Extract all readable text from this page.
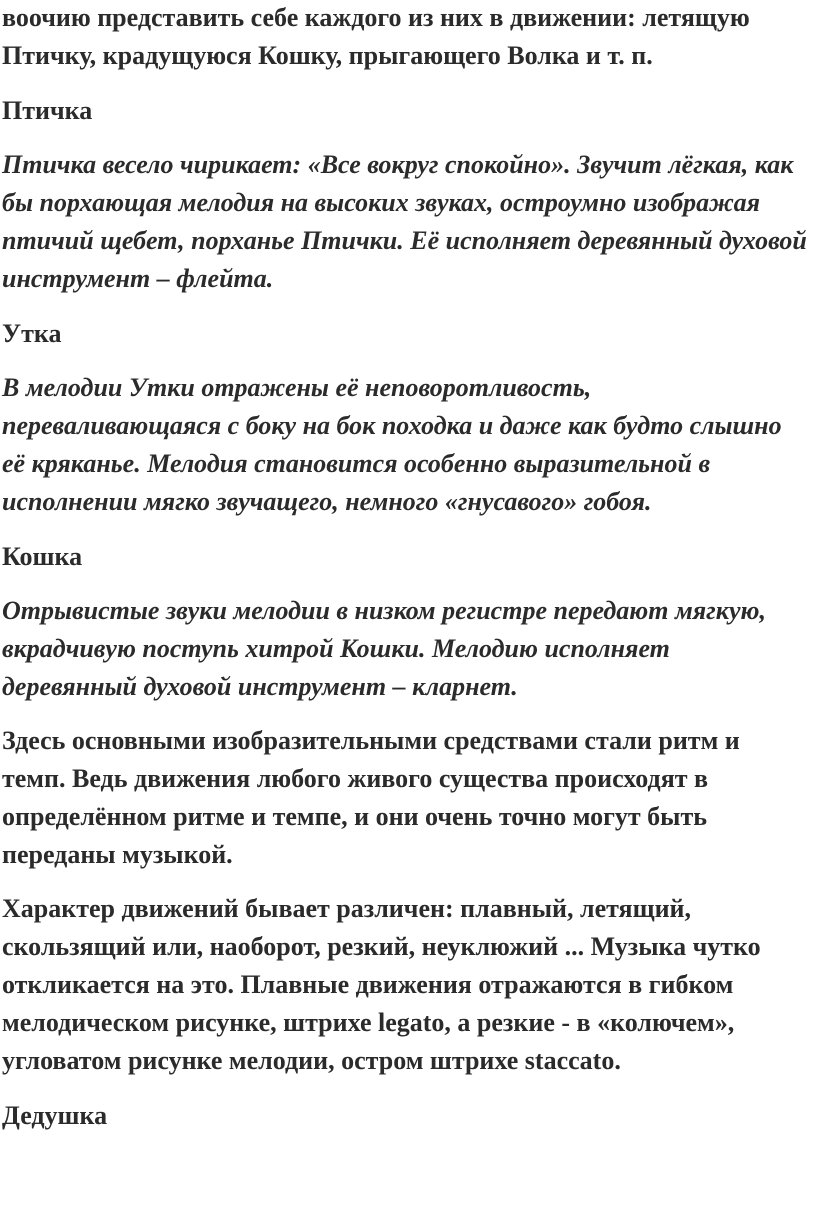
воочию представить себе каждого из них в движении: летящую Птичку, крадущуюся Кошку, прыгающего Волка и т. п.

Птичка

Птичка весело чирикает: «Все вокруг спокойно». Звучит лёгкая, как бы порхающая мелодия на высоких звуках, остроумно изображая птичий щебет, порханье Птички. Её исполняет деревянный духовой инструмент – флейта.

Утка

В мелодии Утки отражены её неповоротливость, переваливающаяся с боку на бок походка и даже как будто слышно её кряканье. Мелодия становится особенно выразительной в исполнении мягко звучащего, немного «гнусавого» гобоя.

Кошка

Отрывистые звуки мелодии в низком регистре передают мягкую, вкрадчивую поступь хитрой Кошки. Мелодию исполняет деревянный духовой инструмент – кларнет.

Здесь основными изобразительными средствами стали ритм и темп. Ведь движения любого живого существа происходят в определённом ритме и темпе, и они очень точно могут быть переданы музыкой.

Характер движений бывает различен: плавный, летящий, скользящий или, наоборот, резкий, неуклюжий ... Музыка чутко откликается на это. Плавные движения отражаются в гибком мелодическом рисунке, штрихе legato, а резкие - в «колючем», угловатом рисунке мелодии, остром штрихе staccato.

Дедушка
